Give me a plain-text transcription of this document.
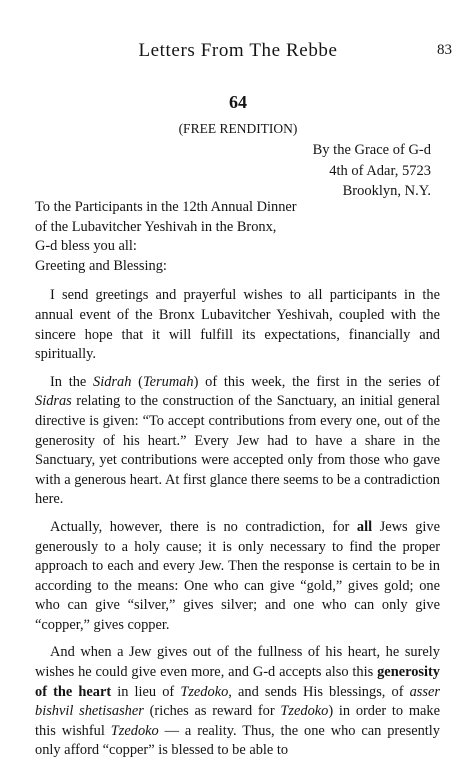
Letters From The Rebbe	83
64
(FREE RENDITION)
By the Grace of G-d
4th of Adar, 5723
Brooklyn, N.Y.

To the Participants in the 12th Annual Dinner

of the Lubavitcher Yeshivah in the Bronx,

G-d bless you all:

Greeting and Blessing:

I send greetings and prayerful wishes to all participants in the annual event of the Bronx Lubavitcher Yeshivah, coupled with the sincere hope that it will fulfill its expectations, financially and spiritually.

In the Sidrah (Terumah) of this week, the first in the series of Sidras relating to the construction of the Sanctuary, an initial general directive is given: “To accept contributions from every one, out of the generosity of his heart.” Every Jew had to have a share in the Sanctuary, yet contributions were accepted only from those who gave with a generous heart. At first glance there seems to be a contradiction here.

Actually, however, there is no contradiction, for all Jews give generously to a holy cause; it is only necessary to find the proper approach to each and every Jew. Then the response is certain to be in according to the means: One who can give “gold,” gives gold; one who can give “silver,” gives silver; and one who can only give “copper,” gives copper.

And when a Jew gives out of the fullness of his heart, he surely wishes he could give even more, and G-d accepts also this generosity of the heart in lieu of Tzedoko, and sends His blessings, of asser bishvil shetisasher (riches as reward for Tzedoko) in order to make this wishful Tzedoko — a reality. Thus, the one who can presently only afford “copper” is blessed to be able to
